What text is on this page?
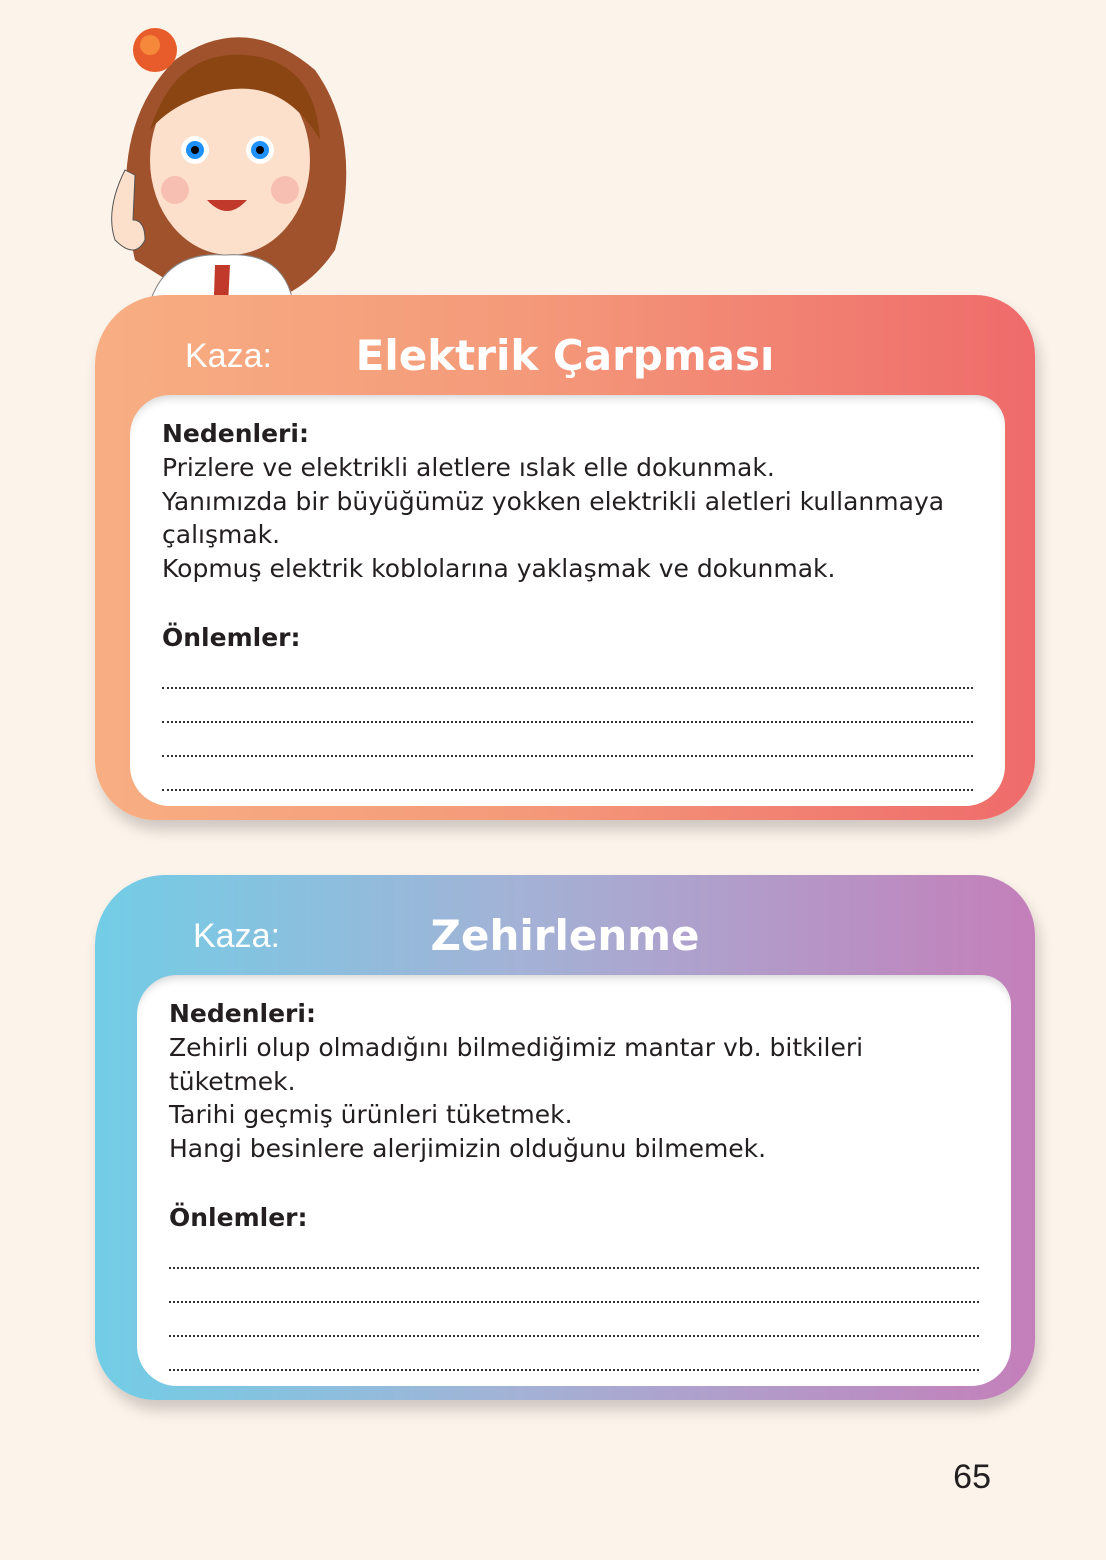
Kaza:	Elektrik Çarpması
Nedenleri:
Prizlere ve elektrikli aletlere ıslak elle dokunmak.
Yanımızda bir büyüğümüz yokken elektrikli aletleri kullanmaya
çalışmak.
Kopmuş elektrik koblolarına yaklaşmak ve dokunmak.
Önlemler:
Kaza:	Zehirlenme
Nedenleri:
Zehirli olup olmadığını bilmediğimiz mantar vb. bitkileri
tüketmek.
Tarihi geçmiş ürünleri tüketmek.
Hangi besinlere alerjimizin olduğunu bilmemek.
Önlemler:
65
